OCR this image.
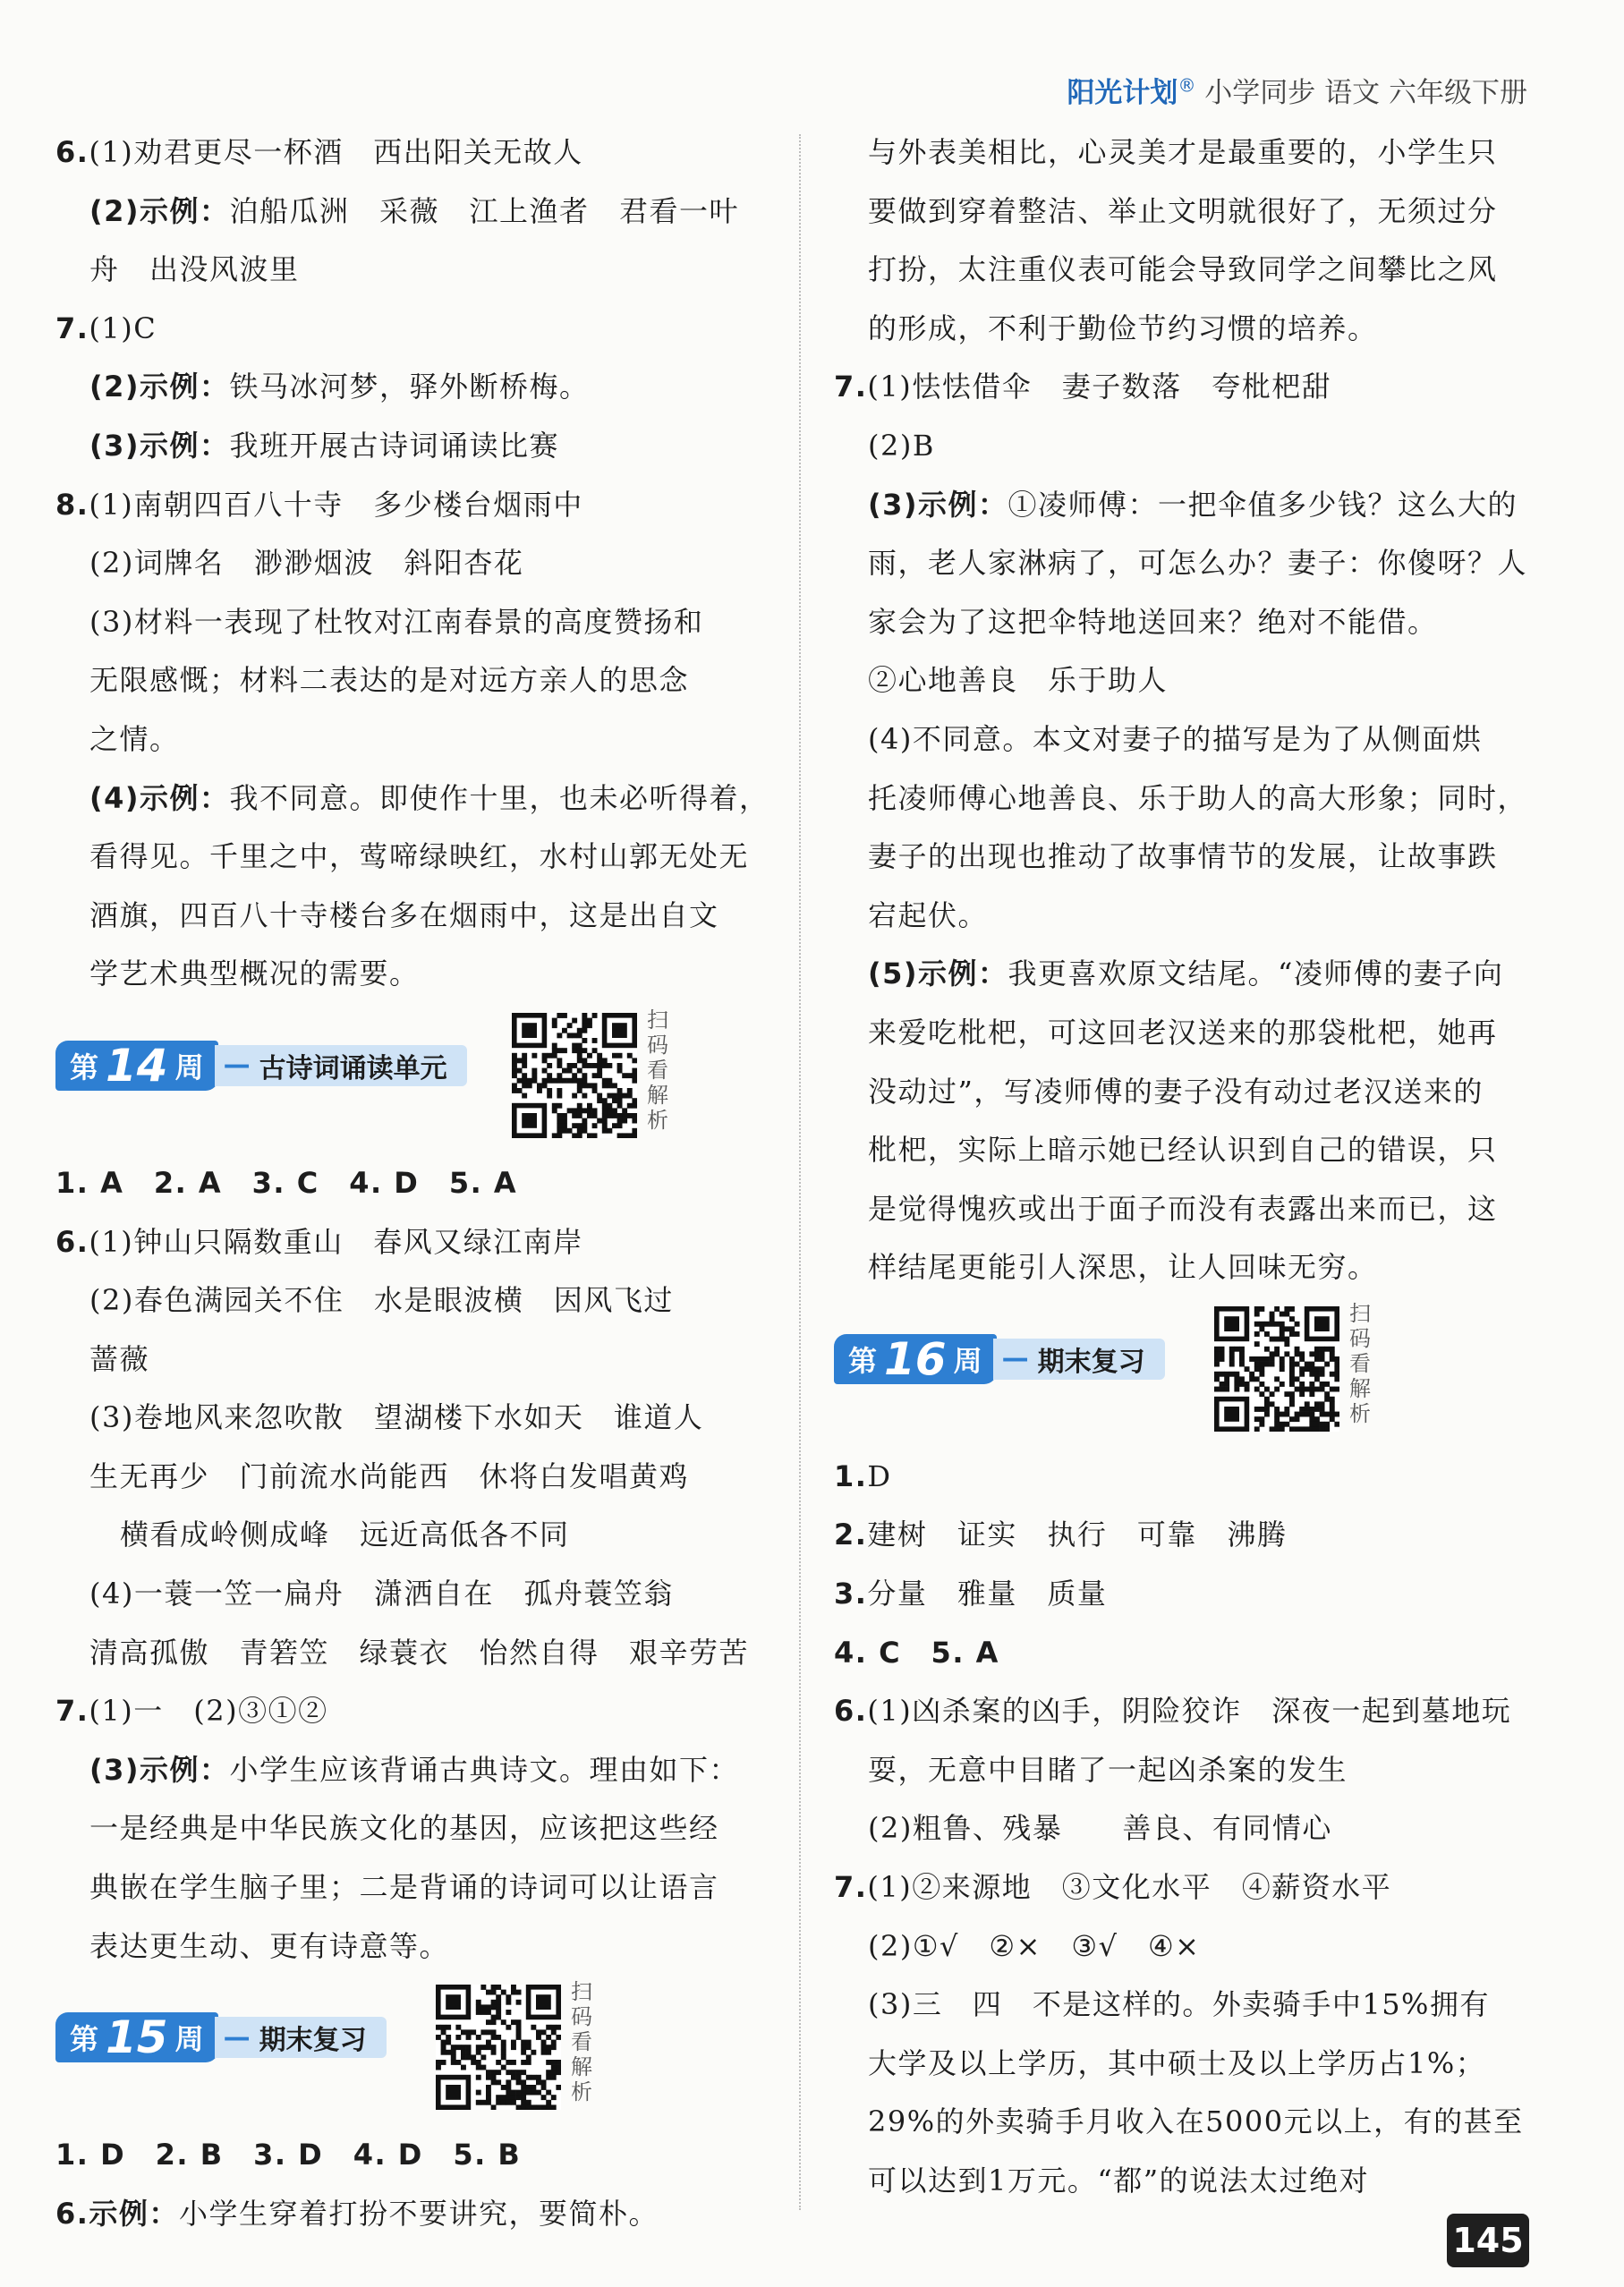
阳光计划® 小学同步 语文 六年级下册
6.(1)劝君更尽一杯酒　西出阳关无故人
(2)示例：泊船瓜洲　采薇　江上渔者　君看一叶
舟　出没风波里
7.(1)C
(2)示例：铁马冰河梦，驿外断桥梅。
(3)示例：我班开展古诗词诵读比赛
8.(1)南朝四百八十寺　多少楼台烟雨中
(2)词牌名　渺渺烟波　斜阳杏花
(3)材料一表现了杜牧对江南春景的高度赞扬和
无限感慨；材料二表达的是对远方亲人的思念
之情。
(4)示例：我不同意。即使作十里，也未必听得着，
看得见。千里之中，莺啼绿映红，水村山郭无处无
酒旗，四百八十寺楼台多在烟雨中，这是出自文
学艺术典型概况的需要。
第 14 周 — 古诗词诵读单元
扫码看解析
1. A　2. A　3. C　4. D　5. A
6.(1)钟山只隔数重山　春风又绿江南岸
(2)春色满园关不住　水是眼波横　因风飞过
蔷薇
(3)卷地风来忽吹散　望湖楼下水如天　谁道人
生无再少　门前流水尚能西　休将白发唱黄鸡
横看成岭侧成峰　远近高低各不同
(4)一蓑一笠一扁舟　潇洒自在　孤舟蓑笠翁
清高孤傲　青箬笠　绿蓑衣　怡然自得　艰辛劳苦
7.(1)一　(2)③①②
(3)示例：小学生应该背诵古典诗文。理由如下：
一是经典是中华民族文化的基因，应该把这些经
典嵌在学生脑子里；二是背诵的诗词可以让语言
表达更生动、更有诗意等。
第 15 周 — 期末复习
扫码看解析
1. D　2. B　3. D　4. D　5. B
6.示例：小学生穿着打扮不要讲究，要简朴。
与外表美相比，心灵美才是最重要的，小学生只
要做到穿着整洁、举止文明就很好了，无须过分
打扮，太注重仪表可能会导致同学之间攀比之风
的形成，不利于勤俭节约习惯的培养。
7.(1)怯怯借伞　妻子数落　夸枇杷甜
(2)B
(3)示例：①凌师傅：一把伞值多少钱？这么大的
雨，老人家淋病了，可怎么办？妻子：你傻呀？人
家会为了这把伞特地送回来？绝对不能借。
②心地善良　乐于助人
(4)不同意。本文对妻子的描写是为了从侧面烘
托凌师傅心地善良、乐于助人的高大形象；同时，
妻子的出现也推动了故事情节的发展，让故事跌
宕起伏。
(5)示例：我更喜欢原文结尾。“凌师傅的妻子向
来爱吃枇杷，可这回老汉送来的那袋枇杷，她再
没动过”，写凌师傅的妻子没有动过老汉送来的
枇杷，实际上暗示她已经认识到自己的错误，只
是觉得愧疚或出于面子而没有表露出来而已，这
样结尾更能引人深思，让人回味无穷。
第 16 周 — 期末复习
扫码看解析
1.D
2.建树　证实　执行　可靠　沸腾
3.分量　雅量　质量
4. C　5. A
6.(1)凶杀案的凶手，阴险狡诈　深夜一起到墓地玩
耍，无意中目睹了一起凶杀案的发生
(2)粗鲁、残暴　　善良、有同情心
7.(1)②来源地　③文化水平　④薪资水平
(2)①√　②×　③√　④×
(3)三　四　不是这样的。外卖骑手中15%拥有
大学及以上学历，其中硕士及以上学历占1%；
29%的外卖骑手月收入在5000元以上，有的甚至
可以达到1万元。“都”的说法太过绝对
145
